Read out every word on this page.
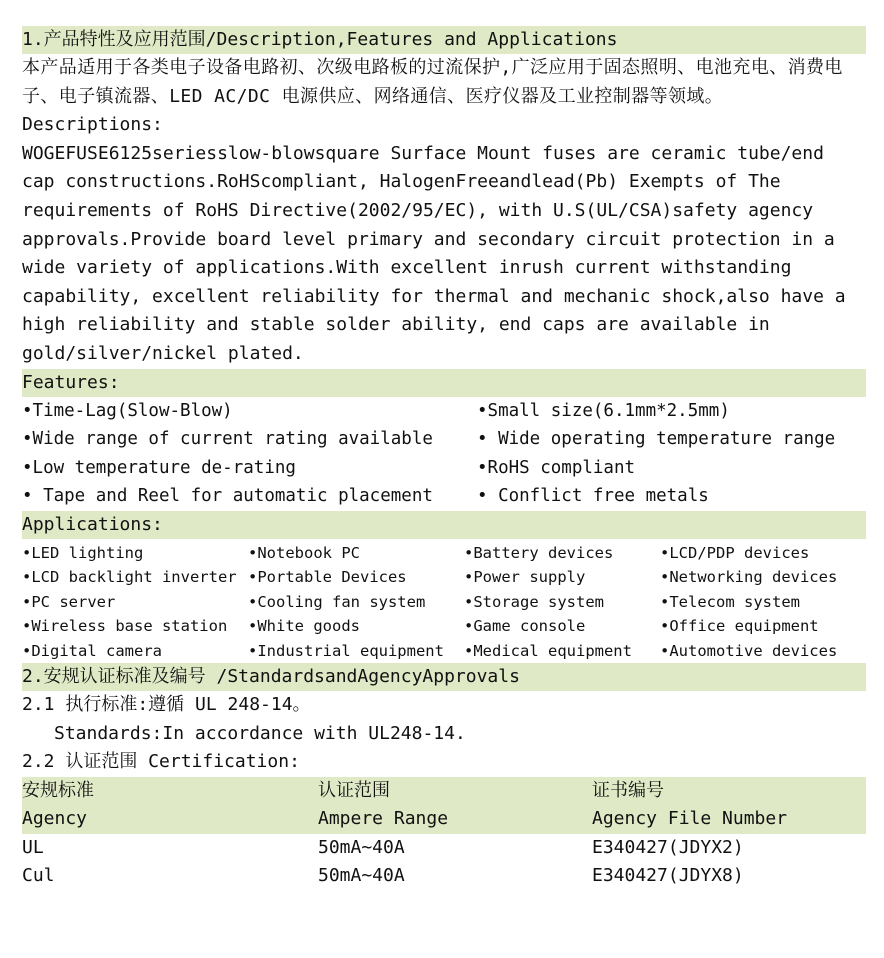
1.产品特性及应用范围/Description,Features and Applications
本产品适用于各类电子设备电路初、次级电路板的过流保护,广泛应用于固态照明、电池充电、消费电子、电子镇流器、LED AC/DC 电源供应、网络通信、医疗仪器及工业控制器等领域。
Descriptions:
WOGEFUSE6125seriesslow-blowsquare Surface Mount fuses are ceramic tube/end cap constructions.RoHScompliant, HalogenFreeandlead(Pb) Exempts of The requirements of RoHS Directive(2002/95/EC), with U.S(UL/CSA)safety agency approvals.Provide board level primary and secondary circuit protection in a wide variety of applications.With excellent inrush current withstanding capability, excellent reliability for thermal and mechanic shock,also have a high reliability and stable solder ability, end caps are available in gold/silver/nickel plated.
Features:
•Time-Lag(Slow-Blow)	•Small size(6.1mm*2.5mm)
•Wide range of current rating available	• Wide operating temperature range
•Low temperature de-rating	•RoHS compliant
• Tape and Reel for automatic placement	• Conflict free metals
Applications:
•LED lighting	•Notebook PC	•Battery devices	•LCD/PDP devices
•LCD backlight inverter •Portable Devices	•Power supply	•Networking devices
•PC server	•Cooling fan system	•Storage system	•Telecom system
•Wireless base station	•White goods	•Game console	•Office equipment
•Digital camera	•Industrial equipment	•Medical equipment	•Automotive devices
2.安规认证标准及编号 /StandardsandAgencyApprovals
2.1 执行标准:遵循 UL 248-14。
Standards:In accordance with UL248-14.
2.2 认证范围 Certification:
安规标准	认证范围	证书编号
Agency	Ampere Range	Agency File Number
UL	50mA~40A	E340427(JDYX2)
Cul	50mA~40A	E340427(JDYX8)
